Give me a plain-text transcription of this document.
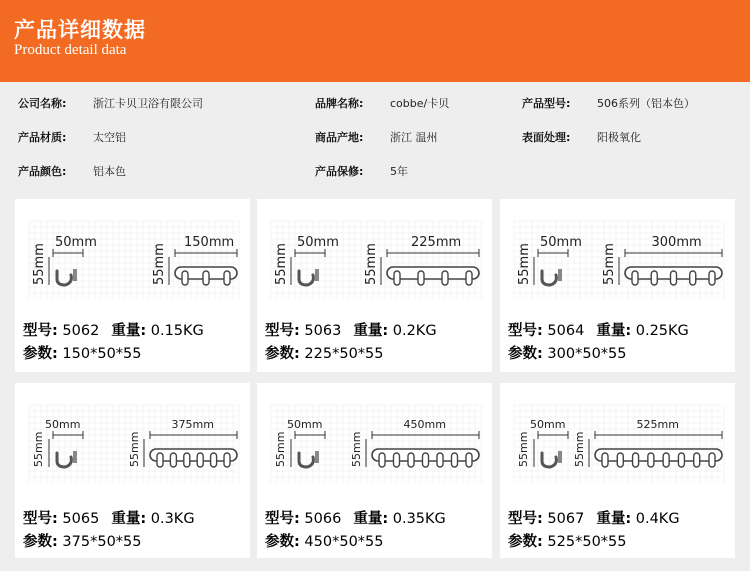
产品详细数据
Product detail data
公司名称: 浙江卡贝卫浴有限公司	品牌名称: cobbe/卡贝	产品型号: 506系列（铝本色）
产品材质: 太空铝	商品产地: 浙江 温州	表面处理: 阳极氧化
产品颜色: 铝本色	产品保修: 5年
50mm
55mm
150mm
55mm
型号: 5062 重量: 0.15KG
参数: 150*50*55
50mm
55mm
225mm
55mm
型号: 5063 重量: 0.2KG
参数: 225*50*55
50mm
55mm
300mm
55mm
型号: 5064 重量: 0.25KG
参数: 300*50*55
50mm
55mm
375mm
55mm
型号: 5065 重量: 0.3KG
参数: 375*50*55
50mm
55mm
450mm
55mm
型号: 5066 重量: 0.35KG
参数: 450*50*55
50mm
55mm
525mm
55mm
型号: 5067 重量: 0.4KG
参数: 525*50*55
